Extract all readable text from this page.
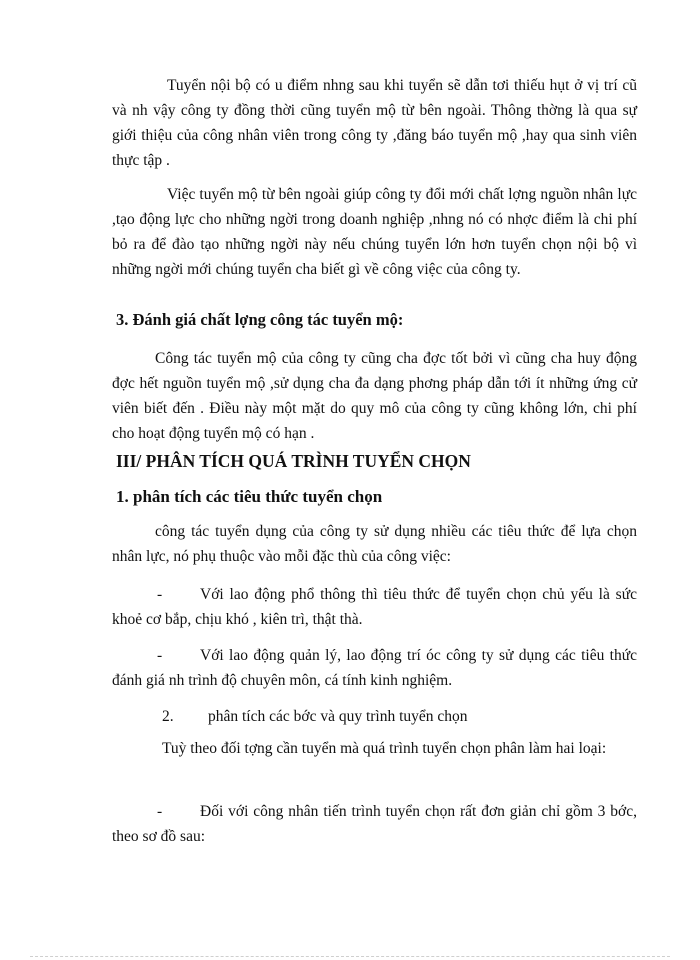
Tuyển nội bộ có u điểm nhng sau khi tuyển sẽ dẫn tơi thiếu hụt ở vị trí cũ và nh vậy công ty đồng thời cũng tuyển mộ từ bên ngoài. Thông thờng là qua sự giới thiệu của công nhân viên trong công ty ,đăng báo tuyển mộ ,hay qua sinh viên thực tập .

Việc tuyển mộ từ bên ngoài giúp công ty đổi mới chất lợng nguồn nhân lực ,tạo động lực cho những ngời trong doanh nghiệp ,nhng nó có nhợc điểm là chi phí bỏ ra để đào tạo những ngời này nếu chúng tuyển lớn hơn tuyển chọn nội bộ vì những ngời mới chúng tuyển cha biết gì về công việc của công ty.

3. Đánh giá chất lợng công tác tuyển mộ:

Công tác tuyển mộ của công ty cũng cha đợc tốt bởi vì cũng cha huy động đợc hết nguồn tuyển mộ ,sử dụng cha đa dạng phơng pháp dẫn tới ít những ứng cử viên biết đến . Điều này một mặt do quy mô của công ty cũng không lớn, chi phí cho hoạt động tuyển mộ có hạn .

III/ PHÂN TÍCH QUÁ TRÌNH TUYỂN CHỌN

1. phân tích các tiêu thức tuyển chọn

công tác tuyển dụng của công ty sử dụng nhiều các tiêu thức để lựa chọn nhân lực, nó phụ thuộc vào mỗi đặc thù của công việc:

-	Với lao động phổ thông thì tiêu thức để tuyển chọn chủ yếu là sức khoẻ cơ bắp, chịu khó , kiên trì, thật thà.

-	Với lao động quản lý, lao động trí óc công ty sử dụng các tiêu thức đánh giá nh trình độ chuyên môn, cá tính kinh nghiệm.

2. phân tích các bớc và quy trình tuyển chọn

Tuỳ theo đối tợng cần tuyển mà quá trình tuyển chọn phân làm hai loại:

-	Đối với công nhân tiến trình tuyển chọn rất đơn giản chỉ gồm 3 bớc, theo sơ đồ sau:
